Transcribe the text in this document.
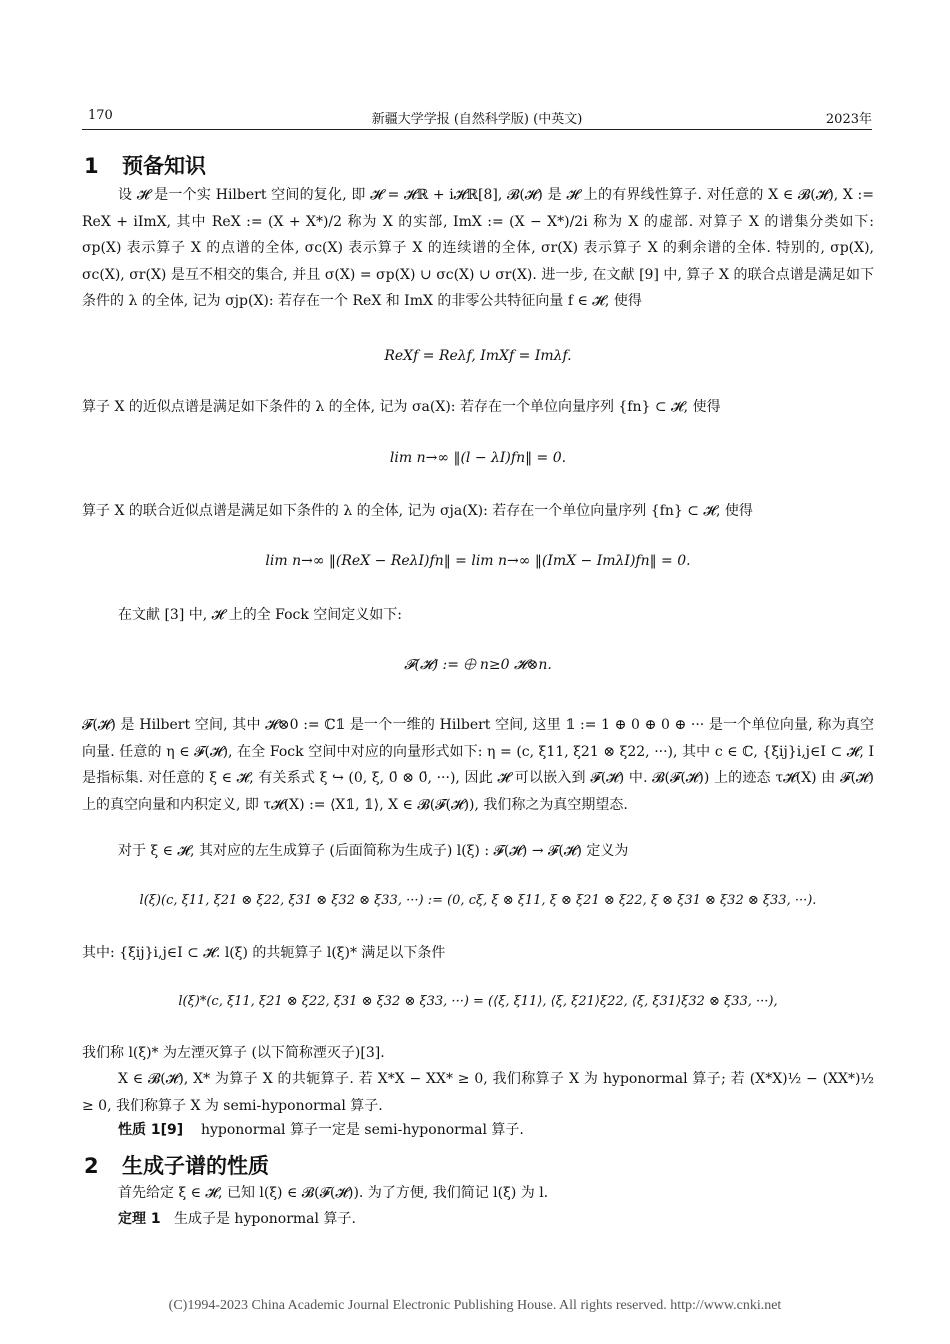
170	新疆大学学报 (自然科学版) (中英文)	2023年
1 预备知识
设 𝓗 是一个实 Hilbert 空间的复化, 即 𝓗 = 𝓗ℝ + i𝓗ℝ[8], 𝓑(𝓗) 是 𝓗 上的有界线性算子. 对任意的 X ∈ 𝓑(𝓗), X := ReX + iImX, 其中 ReX := (X + X*)/2 称为 X 的实部, ImX := (X − X*)/2i 称为 X 的虚部. 对算子 X 的谱集分类如下: σp(X) 表示算子 X 的点谱的全体, σc(X) 表示算子 X 的连续谱的全体, σr(X) 表示算子 X 的剩余谱的全体. 特别的, σp(X), σc(X), σr(X) 是互不相交的集合, 并且 σ(X) = σp(X) ∪ σc(X) ∪ σr(X). 进一步, 在文献 [9] 中, 算子 X 的联合点谱是满足如下条件的 λ 的全体, 记为 σjp(X): 若存在一个 ReX 和 ImX 的非零公共特征向量 f ∈ 𝓗, 使得
ReXf = Reλf, ImXf = Imλf.
算子 X 的近似点谱是满足如下条件的 λ 的全体, 记为 σa(X): 若存在一个单位向量序列 {fn} ⊂ 𝓗, 使得
lim n→∞ ‖(l − λI)fn‖ = 0.
算子 X 的联合近似点谱是满足如下条件的 λ 的全体, 记为 σja(X): 若存在一个单位向量序列 {fn} ⊂ 𝓗, 使得
lim n→∞ ‖(ReX − ReλI)fn‖ = lim n→∞ ‖(ImX − ImλI)fn‖ = 0.
在文献 [3] 中, 𝓗 上的全 Fock 空间定义如下:
𝓕(𝓗) := ⨁ n≥0 𝓗⊗n.
𝓕(𝓗) 是 Hilbert 空间, 其中 𝓗⊗0 := ℂ𝟙 是一个一维的 Hilbert 空间, 这里 𝟙 := 1 ⊕ 0 ⊕ 0 ⊕ ··· 是一个单位向量, 称为真空向量. 任意的 η ∈ 𝓕(𝓗), 在全 Fock 空间中对应的向量形式如下: η = (c, ξ11, ξ21 ⊗ ξ22, ···), 其中 c ∈ ℂ, {ξij}i,j∈I ⊂ 𝓗, I 是指标集. 对任意的 ξ ∈ 𝓗, 有关系式 ξ ↪ (0, ξ, 0̄ ⊗ 0̄, ···), 因此 𝓗 可以嵌入到 𝓕(𝓗) 中. 𝓑(𝓕(𝓗)) 上的迹态 τ𝓗(X) 由 𝓕(𝓗) 上的真空向量和内积定义, 即 τ𝓗(X) := ⟨X𝟙, 𝟙⟩, X ∈ 𝓑(𝓕(𝓗)), 我们称之为真空期望态.
对于 ξ ∈ 𝓗, 其对应的左生成算子 (后面简称为生成子) l(ξ) : 𝓕(𝓗) → 𝓕(𝓗) 定义为
l(ξ)(c, ξ11, ξ21 ⊗ ξ22, ξ31 ⊗ ξ32 ⊗ ξ33, ···) := (0, cξ, ξ ⊗ ξ11, ξ ⊗ ξ21 ⊗ ξ22, ξ ⊗ ξ31 ⊗ ξ32 ⊗ ξ33, ···).
其中: {ξij}i,j∈I ⊂ 𝓗. l(ξ) 的共轭算子 l(ξ)* 满足以下条件
l(ξ)*(c, ξ11, ξ21 ⊗ ξ22, ξ31 ⊗ ξ32 ⊗ ξ33, ···) = (⟨ξ, ξ11⟩, ⟨ξ, ξ21⟩ξ22, ⟨ξ, ξ31⟩ξ32 ⊗ ξ33, ···),
我们称 l(ξ)* 为左湮灭算子 (以下简称湮灭子)[3].
X ∈ 𝓑(𝓗), X* 为算子 X 的共轭算子. 若 X*X − XX* ≥ 0, 我们称算子 X 为 hyponormal 算子; 若 (X*X)½ − (XX*)½ ≥ 0, 我们称算子 X 为 semi-hyponormal 算子.
性质 1[9] hyponormal 算子一定是 semi-hyponormal 算子.
2 生成子谱的性质
首先给定 ξ ∈ 𝓗, 已知 l(ξ) ∈ 𝓑(𝓕(𝓗)). 为了方便, 我们简记 l(ξ) 为 l.
定理 1 生成子是 hyponormal 算子.
(C)1994-2023 China Academic Journal Electronic Publishing House. All rights reserved. http://www.cnki.net
